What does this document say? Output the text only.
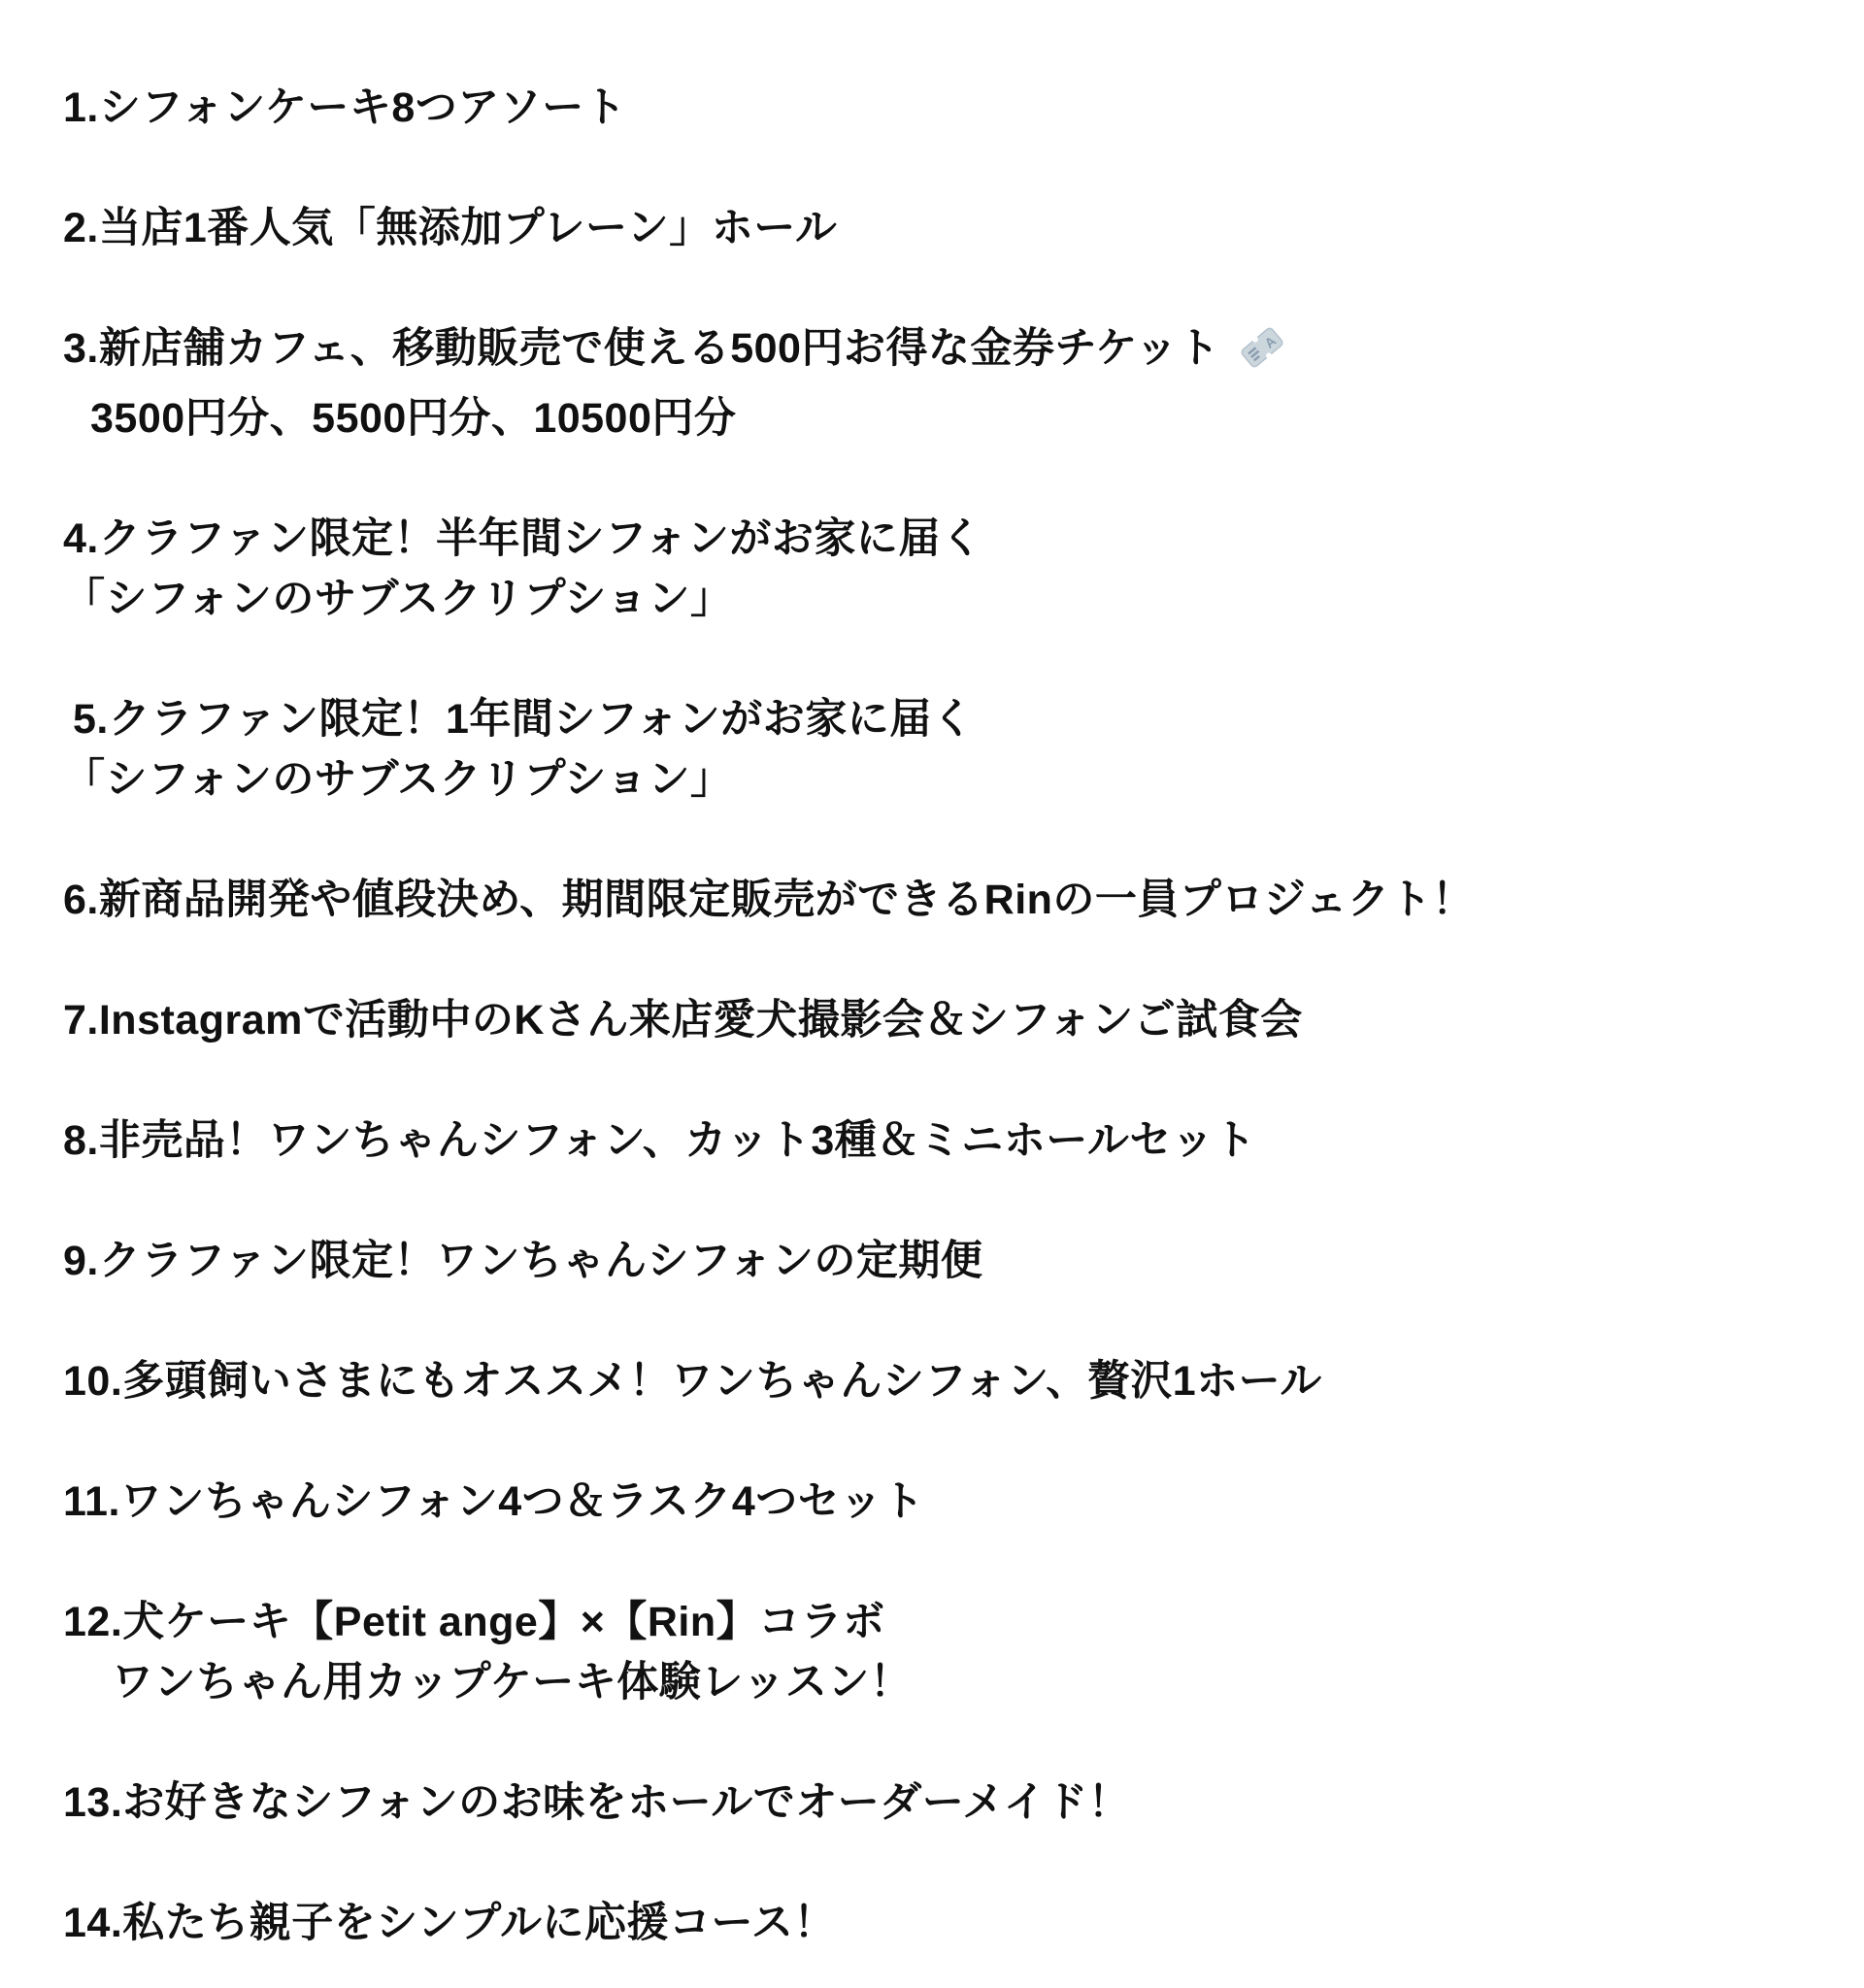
1.シフォンケーキ8つアソート
2.当店1番人気「無添加プレーン」ホール
3.新店舗カフェ、移動販売で使える500円お得な金券チケット	A
3500円分、5500円分、10500円分
4.クラファン限定！半年間シフォンがお家に届く
「シフォンのサブスクリプション」
5.クラファン限定！1年間シフォンがお家に届く
「シフォンのサブスクリプション」
6.新商品開発や値段決め、期間限定販売ができるRinの一員プロジェクト！
7.Instagramで活動中のKさん来店愛犬撮影会＆シフォンご試食会
8.非売品！ワンちゃんシフォン、カット3種＆ミニホールセット
9.クラファン限定！ワンちゃんシフォンの定期便
10.多頭飼いさまにもオススメ！ワンちゃんシフォン、贅沢1ホール
11.ワンちゃんシフォン4つ＆ラスク4つセット
12.犬ケーキ【Petit ange】×【Rin】コラボ
ワンちゃん用カップケーキ体験レッスン！
13.お好きなシフォンのお味をホールでオーダーメイド！
14.私たち親子をシンプルに応援コース！
